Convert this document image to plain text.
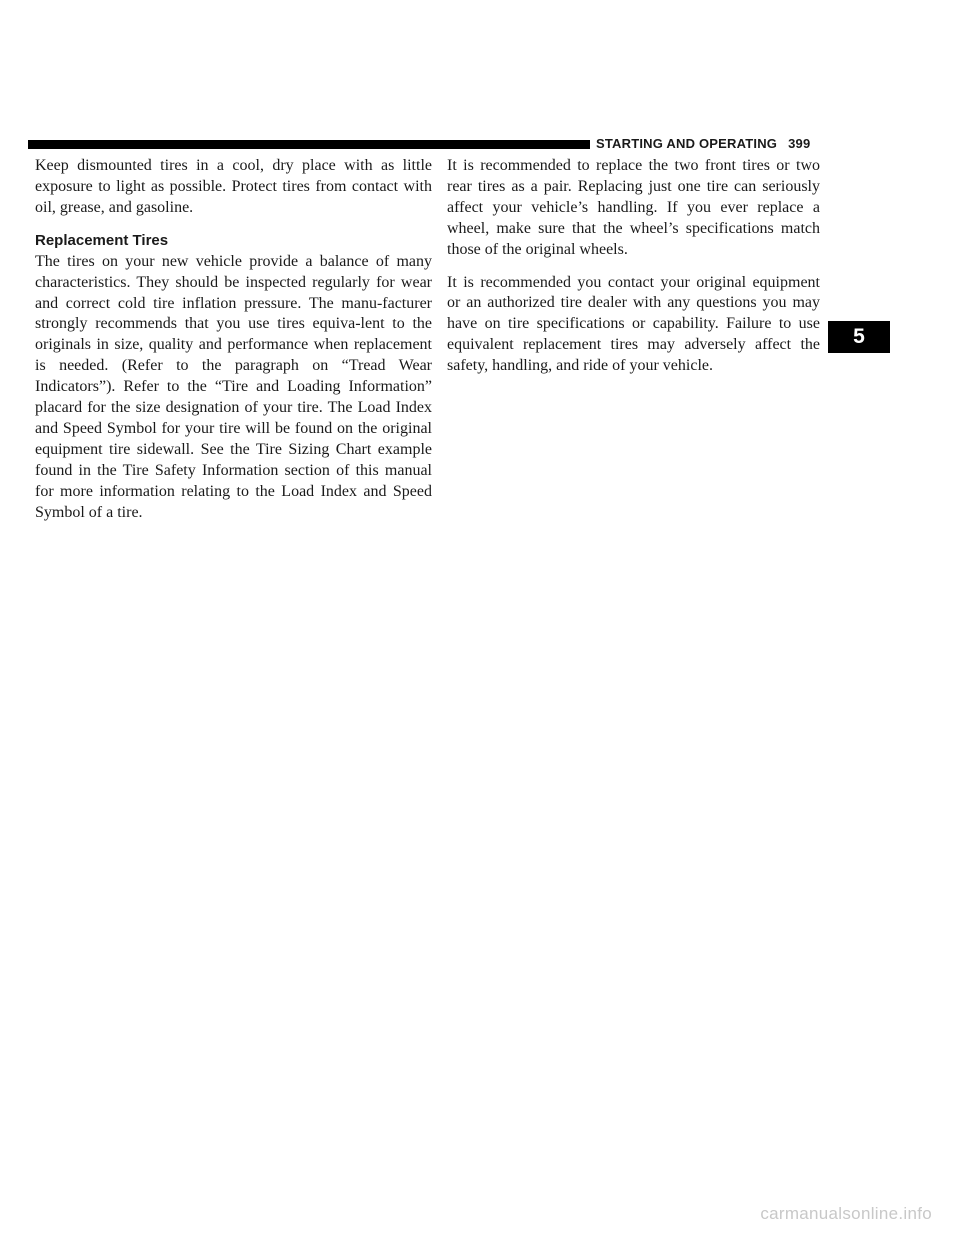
STARTING AND OPERATING 399

Keep dismounted tires in a cool, dry place with as little exposure to light as possible. Protect tires from contact with oil, grease, and gasoline.

Replacement Tires

The tires on your new vehicle provide a balance of many characteristics. They should be inspected regularly for wear and correct cold tire inflation pressure. The manu-facturer strongly recommends that you use tires equiva-lent to the originals in size, quality and performance when replacement is needed. (Refer to the paragraph on “Tread Wear Indicators”). Refer to the “Tire and Loading Information” placard for the size designation of your tire. The Load Index and Speed Symbol for your tire will be found on the original equipment tire sidewall. See the Tire Sizing Chart example found in the Tire Safety Information section of this manual for more information relating to the Load Index and Speed Symbol of a tire.

It is recommended to replace the two front tires or two rear tires as a pair. Replacing just one tire can seriously affect your vehicle’s handling. If you ever replace a wheel, make sure that the wheel’s specifications match those of the original wheels.

It is recommended you contact your original equipment or an authorized tire dealer with any questions you may have on tire specifications or capability. Failure to use equivalent replacement tires may adversely affect the safety, handling, and ride of your vehicle.

5
carmanualsonline.info
